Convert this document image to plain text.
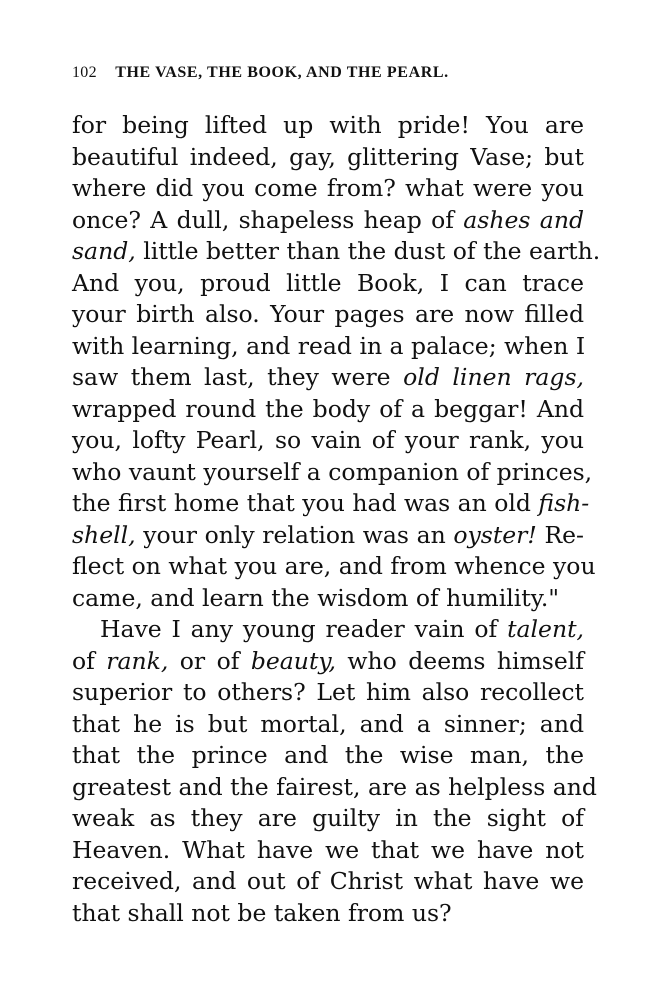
102 THE VASE, THE BOOK, AND THE PEARL.
for being lifted up with pride! You are
beautiful indeed, gay, glittering Vase; but
where did you come from? what were you
once? A dull, shapeless heap of ashes and
sand, little better than the dust of the earth.
And you, proud little Book, I can trace
your birth also. Your pages are now filled
with learning, and read in a palace; when I
saw them last, they were old linen rags,
wrapped round the body of a beggar! And
you, lofty Pearl, so vain of your rank, you
who vaunt yourself a companion of princes,
the first home that you had was an old fish-
shell, your only relation was an oyster! Re-
flect on what you are, and from whence you
came, and learn the wisdom of humility."
Have I any young reader vain of talent,
of rank, or of beauty, who deems himself
superior to others? Let him also recollect
that he is but mortal, and a sinner; and
that the prince and the wise man, the
greatest and the fairest, are as helpless and
weak as they are guilty in the sight of
Heaven. What have we that we have not
received, and out of Christ what have we
that shall not be taken from us?
